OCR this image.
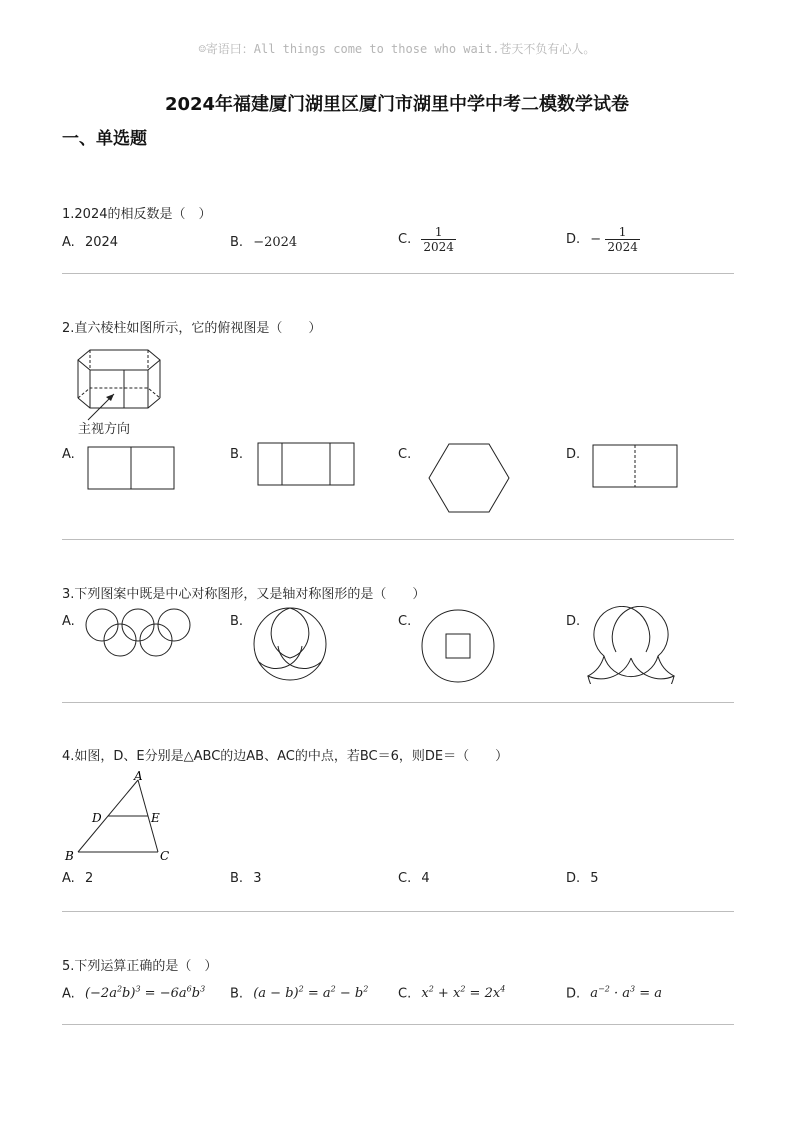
☺寄语曰：All things come to those who wait.苍天不负有心人。
2024年福建厦门湖里区厦门市湖里中学中考二模数学试卷
一、单选题
1.2024的相反数是（　）
A. 2024	B. −2024	C. $\frac{1}{2024}$	D. − $\frac{1}{2024}$
2.直六棱柱如图所示，它的俯视图是（　　）
主视方向
A.	B.	C.	D.
3.下列图案中既是中心对称图形，又是轴对称图形的是（　　）
A.	B.	C.	D.
4.如图，D、E分别是△ABC的边AB、AC的中点，若BC＝6，则DE＝（　　）
A
D	E
B	C
A. 2	B. 3	C. 4	D. 5
5.下列运算正确的是（　）
A. $(-2a^2b)^3 = -6a^6b^3$ B. $(a - b)^2 = a^2 - b^2$ C. $x^2 + x^2 = 2x^4$	D. $a^{-2} \cdot a^3 = a$
